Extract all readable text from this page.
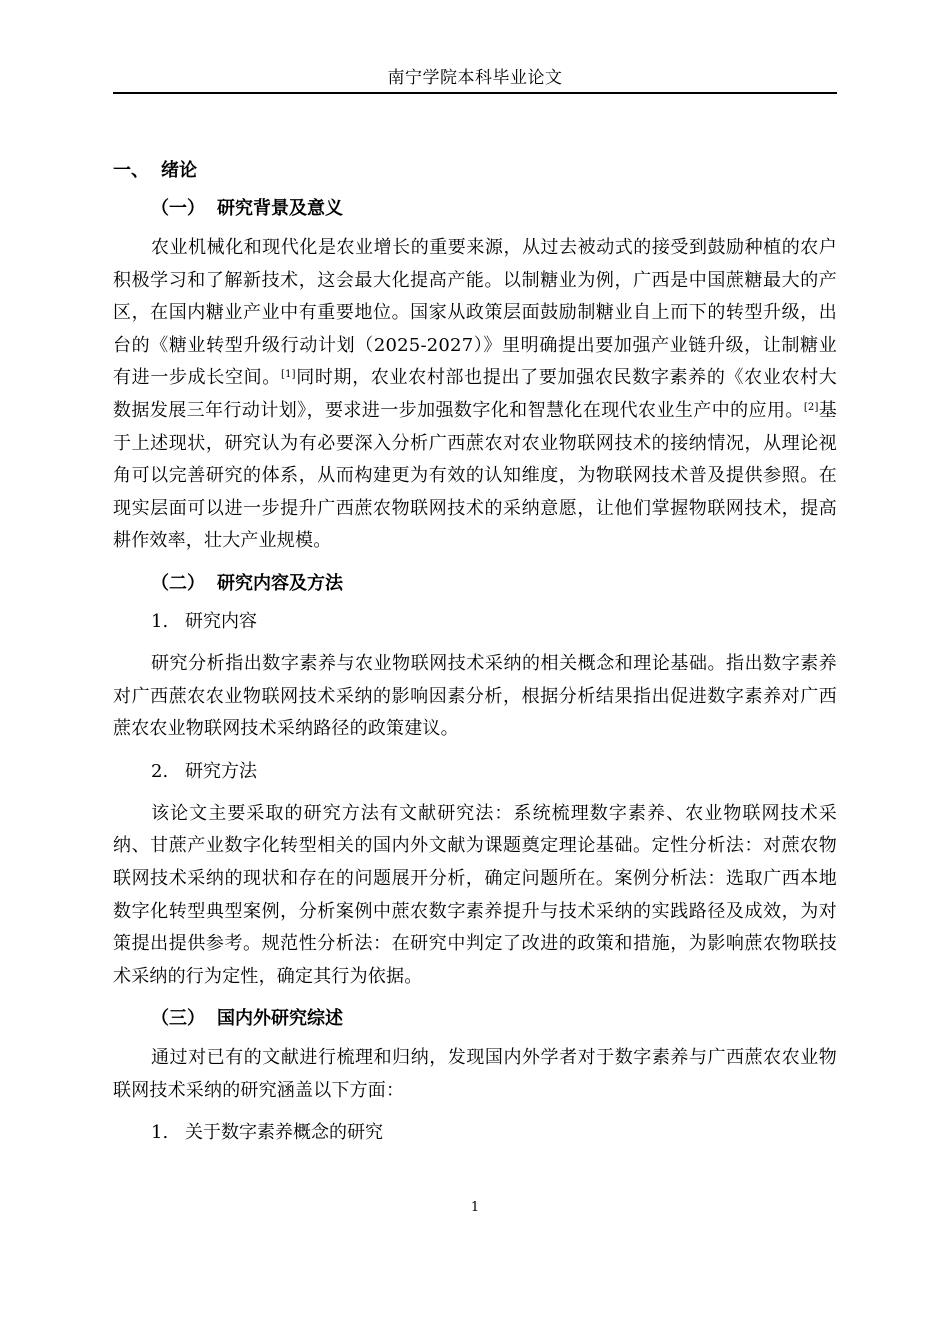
南宁学院本科毕业论文
一、 绪论
（一） 研究背景及意义

农业机械化和现代化是农业增长的重要来源，从过去被动式的接受到鼓励种植的农户积极学习和了解新技术，这会最大化提高产能。以制糖业为例，广西是中国蔗糖最大的产区，在国内糖业产业中有重要地位。国家从政策层面鼓励制糖业自上而下的转型升级，出台的《糖业转型升级行动计划（2025-2027）》里明确提出要加强产业链升级，让制糖业有进一步成长空间。[1]同时期，农业农村部也提出了要加强农民数字素养的《农业农村大数据发展三年行动计划》，要求进一步加强数字化和智慧化在现代农业生产中的应用。[2]基于上述现状，研究认为有必要深入分析广西蔗农对农业物联网技术的接纳情况，从理论视角可以完善研究的体系，从而构建更为有效的认知维度，为物联网技术普及提供参照。在现实层面可以进一步提升广西蔗农物联网技术的采纳意愿，让他们掌握物联网技术，提高耕作效率，壮大产业规模。

（二） 研究内容及方法
1. 研究内容

研究分析指出数字素养与农业物联网技术采纳的相关概念和理论基础。指出数字素养对广西蔗农农业物联网技术采纳的影响因素分析，根据分析结果指出促进数字素养对广西蔗农农业物联网技术采纳路径的政策建议。

2. 研究方法

该论文主要采取的研究方法有文献研究法：系统梳理数字素养、农业物联网技术采纳、甘蔗产业数字化转型相关的国内外文献为课题奠定理论基础。定性分析法：对蔗农物联网技术采纳的现状和存在的问题展开分析，确定问题所在。案例分析法：选取广西本地数字化转型典型案例，分析案例中蔗农数字素养提升与技术采纳的实践路径及成效，为对策提出提供参考。规范性分析法：在研究中判定了改进的政策和措施，为影响蔗农物联技术采纳的行为定性，确定其行为依据。

（三） 国内外研究综述

通过对已有的文献进行梳理和归纳，发现国内外学者对于数字素养与广西蔗农农业物联网技术采纳的研究涵盖以下方面：

1. 关于数字素养概念的研究
1
